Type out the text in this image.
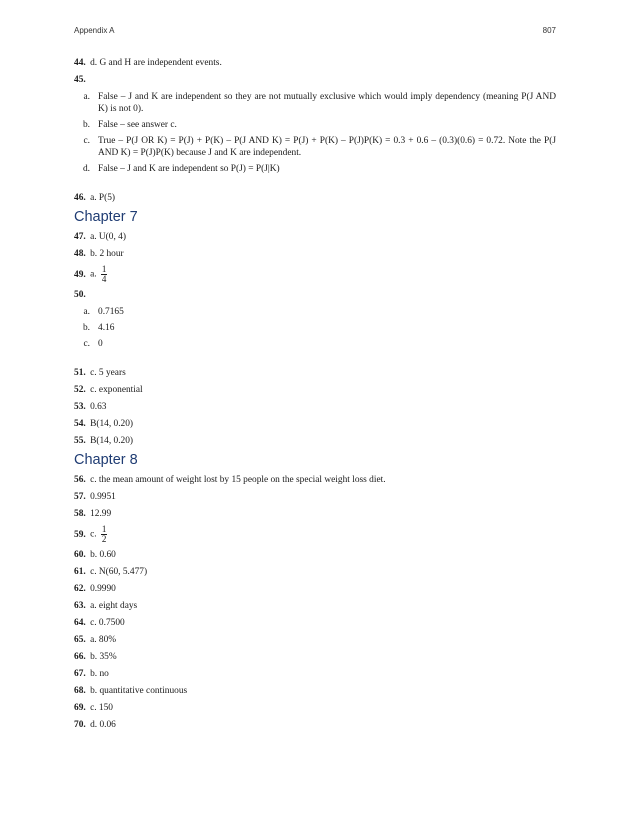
Appendix A	807

44. d. G and H are independent events.

45.

a. False – J and K are independent so they are not mutually exclusive which would imply dependency (meaning P(J AND K) is not 0).
b. False – see answer c.
c. True – P(J OR K) = P(J) + P(K) – P(J AND K) = P(J) + P(K) – P(J)P(K) = 0.3 + 0.6 – (0.3)(0.6) = 0.72. Note the P(J AND K) = P(J)P(K) because J and K are independent.
d. False – J and K are independent so P(J) = P(J|K)

46. a. P(5)

Chapter 7

47. a. U(0, 4)

48. b. 2 hour

49. a. $\frac{1}{4}$

50.

a. 0.7165
b. 4.16
c. 0

51. c. 5 years

52. c. exponential

53. 0.63

54. B(14, 0.20)

55. B(14, 0.20)

Chapter 8

56. c. the mean amount of weight lost by 15 people on the special weight loss diet.

57. 0.9951

58. 12.99

59. c. $\frac{1}{2}$

60. b. 0.60

61. c. N(60, 5.477)

62. 0.9990

63. a. eight days

64. c. 0.7500

65. a. 80%

66. b. 35%

67. b. no

68. b. quantitative continuous

69. c. 150

70. d. 0.06
